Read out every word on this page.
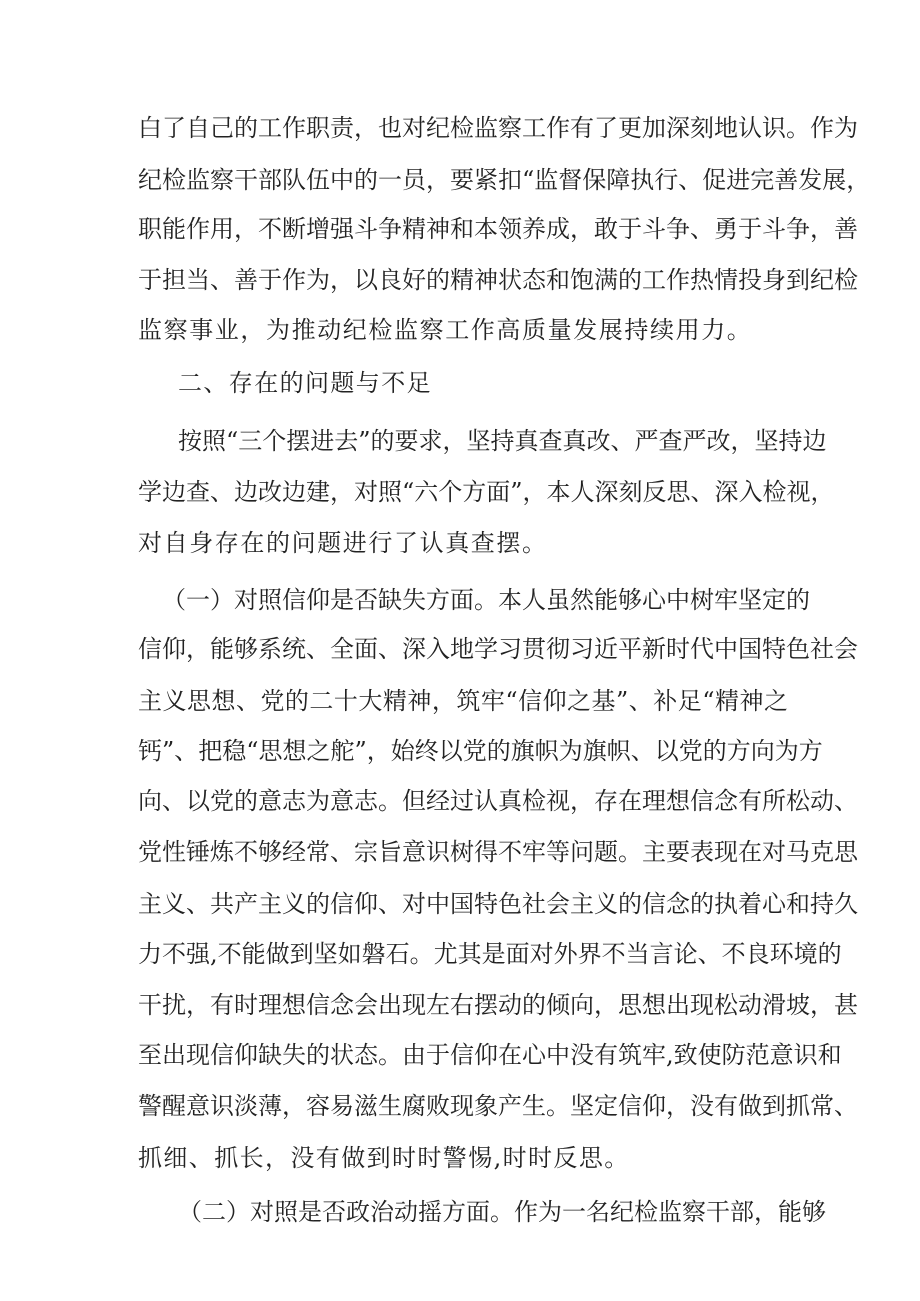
白了自己的工作职责，也对纪检监察工作有了更加深刻地认识。作为
纪检监察干部队伍中的一员，要紧扣“监督保障执行、促进完善发展，
职能作用，不断增强斗争精神和本领养成，敢于斗争、勇于斗争，善
于担当、善于作为，以良好的精神状态和饱满的工作热情投身到纪检
监察事业，为推动纪检监察工作高质量发展持续用力。
二、存在的问题与不足
按照“三个摆进去”的要求，坚持真查真改、严查严改，坚持边
学边查、边改边建，对照“六个方面”，本人深刻反思、深入检视，
对自身存在的问题进行了认真查摆。
（一）对照信仰是否缺失方面。本人虽然能够心中树牢坚定的
信仰，能够系统、全面、深入地学习贯彻习近平新时代中国特色社会
主义思想、党的二十大精神，筑牢“信仰之基”、补足“精神之
钙”、把稳“思想之舵”，始终以党的旗帜为旗帜、以党的方向为方
向、以党的意志为意志。但经过认真检视，存在理想信念有所松动、
党性锤炼不够经常、宗旨意识树得不牢等问题。主要表现在对马克思
主义、共产主义的信仰、对中国特色社会主义的信念的执着心和持久
力不强,不能做到坚如磐石。尤其是面对外界不当言论、不良环境的
干扰，有时理想信念会出现左右摆动的倾向，思想出现松动滑坡，甚
至出现信仰缺失的状态。由于信仰在心中没有筑牢,致使防范意识和
警醒意识淡薄，容易滋生腐败现象产生。坚定信仰，没有做到抓常、
抓细、抓长，没有做到时时警惕,时时反思。
（二）对照是否政治动摇方面。作为一名纪检监察干部，能够
